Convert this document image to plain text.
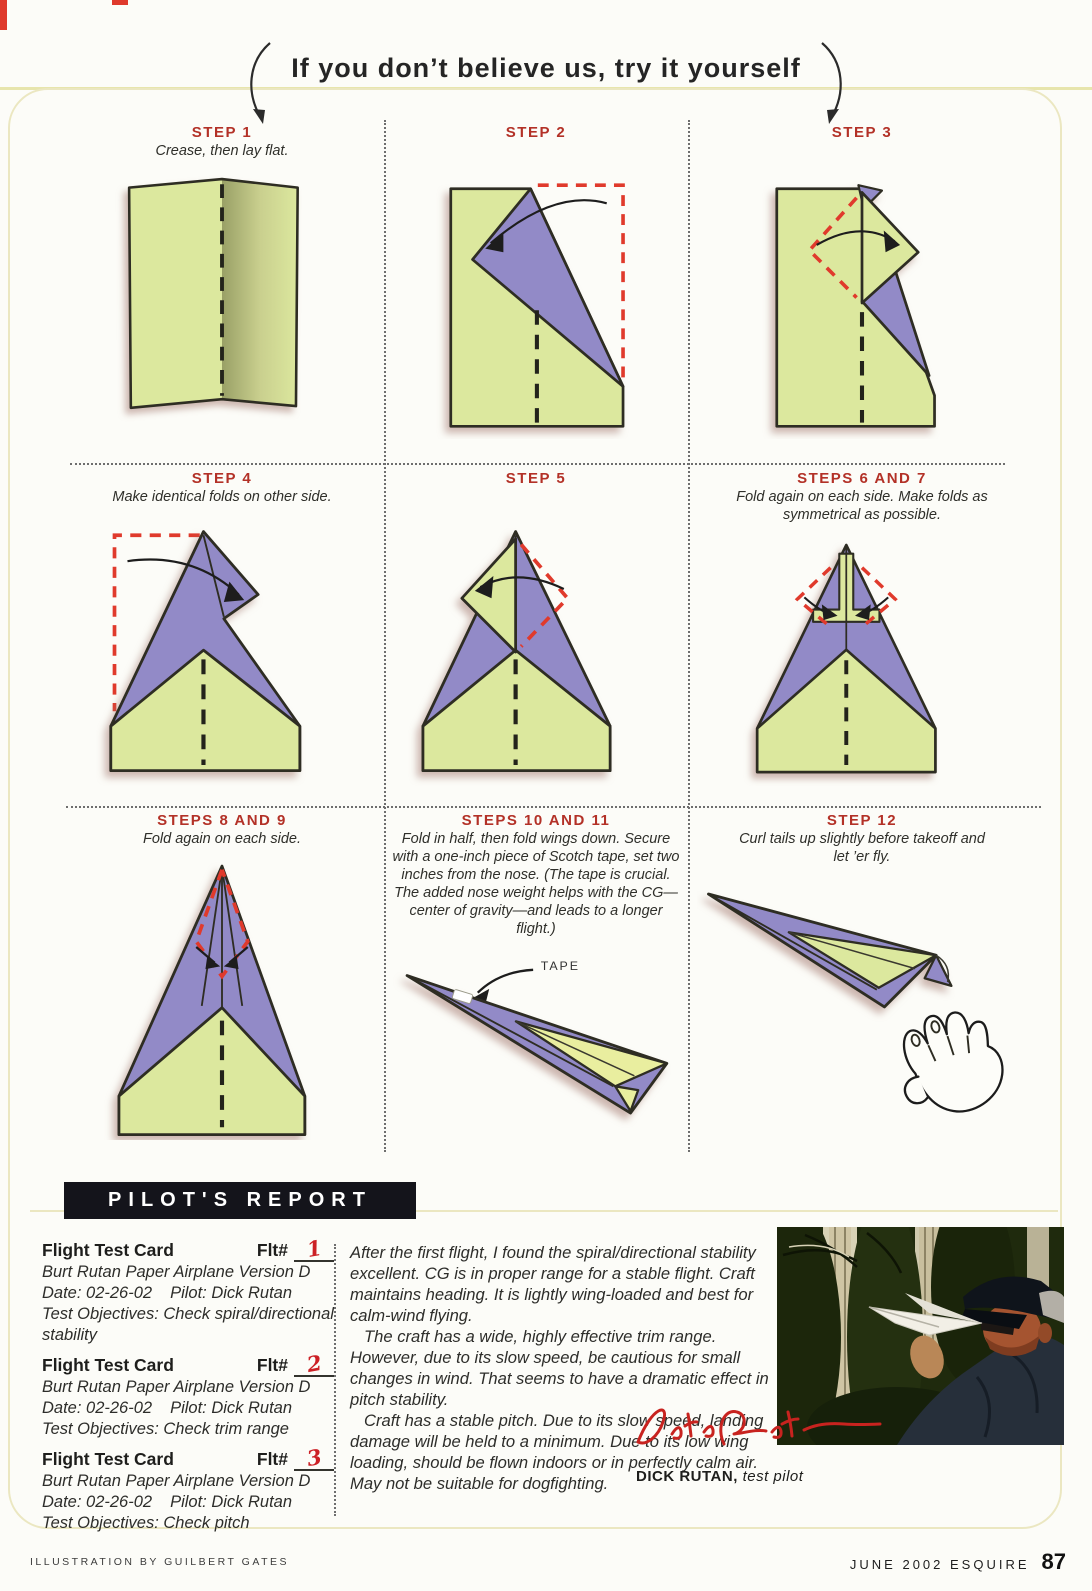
If you don’t believe us, try it yourself
STEP 1
Crease, then lay flat.
STEP 2	STEP 3
STEP 4
Make identical folds on other side.
STEP 5	STEPS 6 AND 7
Fold again on each side. Make folds as symmetrical as possible.
STEPS 8 AND 9
Fold again on each side.
STEPS 10 AND 11
Fold in half, then fold wings down. Secure with a one-inch piece of Scotch tape, set two inches from the nose. (The tape is crucial. The added nose weight helps with the CG—center of gravity—and leads to a longer flight.)
TAPE
STEP 12
Curl tails up slightly before takeoff and let ’er fly.
PILOT'S REPORT
Flight Test Card	Flt# 1
Burt Rutan Paper Airplane Version D
Date: 02-26-02 Pilot: Dick Rutan
Test Objectives: Check spiral/directional stability
Flight Test Card	Flt# 2
Burt Rutan Paper Airplane Version D
Date: 02-26-02 Pilot: Dick Rutan
Test Objectives: Check trim range
Flight Test Card	Flt# 3
Burt Rutan Paper Airplane Version D
Date: 02-26-02 Pilot: Dick Rutan
Test Objectives: Check pitch

After the first flight, I found the spiral/directional stability excellent. CG is in proper range for a stable flight. Craft maintains heading. It is lightly wing-loaded and best for calm-wind flying.

The craft has a wide, highly effective trim range. However, due to its slow speed, be cautious for small changes in wind. That seems to have a dramatic effect in pitch stability.

Craft has a stable pitch. Due to its slow speed, landing damage will be held to a minimum. Due to its low wing loading, should be flown indoors or in perfectly calm air. May not be suitable for dogfighting.	DICK RUTAN, test pilot
ILLUSTRATION BY GUILBERT GATES	JUNE 2002 ESQUIRE 87
